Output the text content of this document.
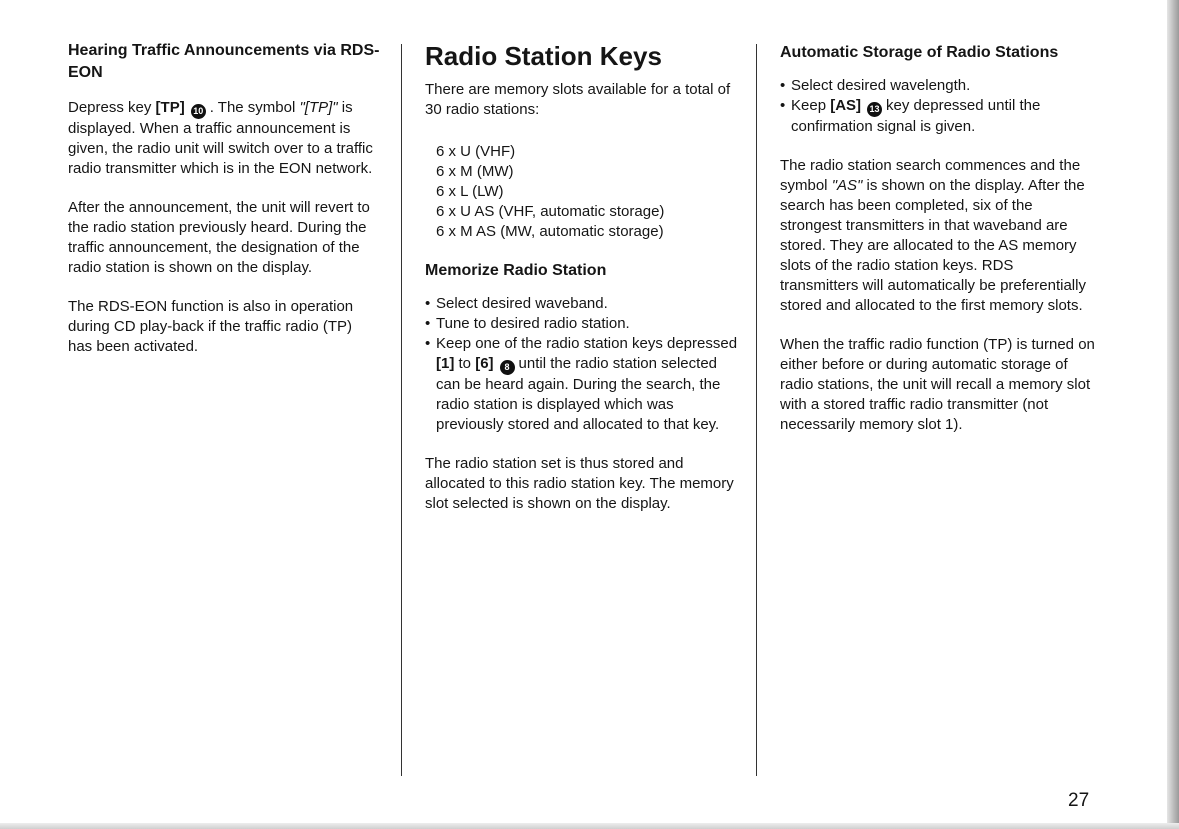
Hearing Traffic Announcements via RDS-EON

Depress key [TP] 10 . The symbol "[TP]" is displayed. When a traffic announcement is given, the radio unit will switch over to a traffic radio transmitter which is in the EON network.

After the announcement, the unit will revert to the radio station previously heard. During the traffic announcement, the designation of the radio station is shown on the display.

The RDS-EON function is also in operation during CD play-back if the traffic radio (TP) has been activated.

Radio Station Keys

There are memory slots available for a total of 30 radio stations:

6 x U (VHF)
6 x M (MW)
6 x L (LW)
6 x U AS (VHF, automatic storage)
6 x M AS (MW, automatic storage)
Memorize Radio Station
• Select desired waveband.
• Tune to desired radio station.
• Keep one of the radio station keys depressed [1] to [6] 8 until the radio station selected can be heard again. During the search, the radio station is displayed which was previously stored and allocated to that key.

The radio station set is thus stored and allocated to this radio station key. The memory slot selected is shown on the display.

Automatic Storage of Radio Stations
• Select desired wavelength.
• Keep [AS] 13 key depressed until the confirmation signal is given.

The radio station search commences and the symbol "AS" is shown on the display. After the search has been completed, six of the strongest transmitters in that waveband are stored. They are allocated to the AS memory slots of the radio station keys. RDS transmitters will automatically be preferentially stored and allocated to the first memory slots.

When the traffic radio function (TP) is turned on either before or during automatic storage of radio stations, the unit will recall a memory slot with a stored traffic radio transmitter (not necessarily memory slot 1).

27
